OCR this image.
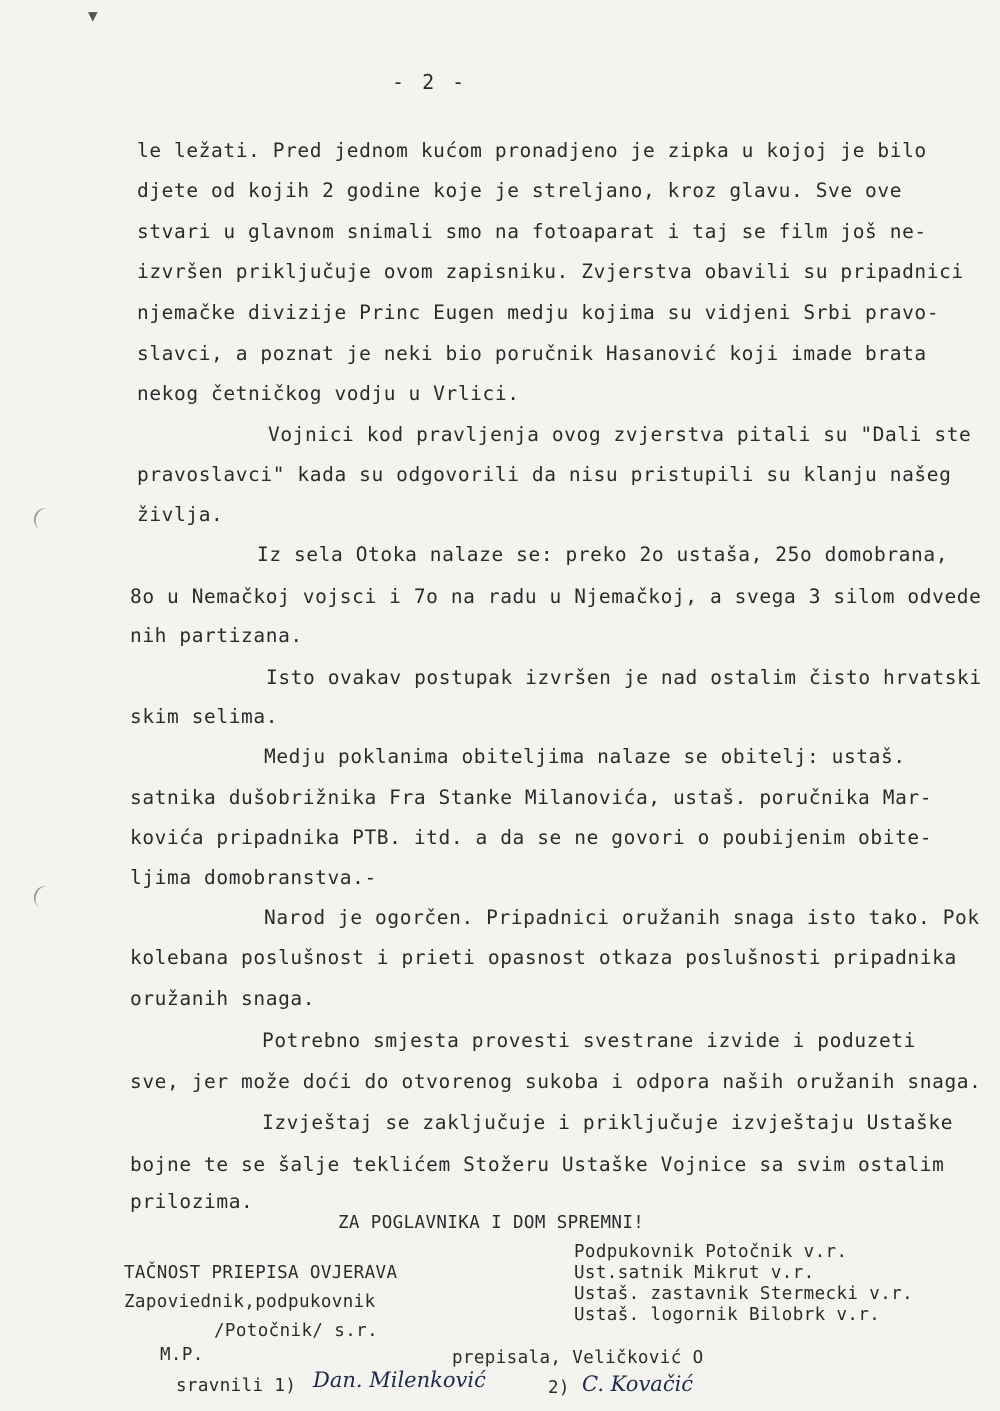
▼
- 2 -
le ležati. Pred jednom kućom pronadjeno je zipka u kojoj je bilo
djete od kojih 2 godine koje je streljano, kroz glavu. Sve ove
stvari u glavnom snimali smo na fotoaparat i taj se film još ne-
izvršen priključuje ovom zapisniku. Zvjerstva obavili su pripadnici
njemačke divizije Princ Eugen medju kojima su vidjeni Srbi pravo-
slavci, a poznat je neki bio poručnik Hasanović koji imade brata
nekog četničkog vodju u Vrlici.
Vojnici kod pravljenja ovog zvjerstva pitali su "Dali ste
pravoslavci" kada su odgovorili da nisu pristupili su klanju našeg
življa.
Iz sela Otoka nalaze se: preko 2o ustaša, 25o domobrana,
8o u Nemačkoj vojsci i 7o na radu u Njemačkoj, a svega 3 silom odvede
nih partizana.
Isto ovakav postupak izvršen je nad ostalim čisto hrvatski
skim selima.
Medju poklanima obiteljima nalaze se obitelj: ustaš.
satnika dušobrižnika Fra Stanke Milanovića, ustaš. poručnika Mar-
kovića pripadnika PTB. itd. a da se ne govori o poubijenim obite-
ljima domobranstva.-
Narod je ogorčen. Pripadnici oružanih snaga isto tako. Pok
kolebana poslušnost i prieti opasnost otkaza poslušnosti pripadnika
oružanih snaga.
Potrebno smjesta provesti svestrane izvide i poduzeti
sve, jer može doći do otvorenog sukoba i odpora naših oružanih snaga.
Izvještaj se zaključuje i priključuje izvještaju Ustaške
bojne te se šalje teklićem Stožeru Ustaške Vojnice sa svim ostalim
prilozima.
ZA POGLAVNIKA I DOM SPREMNI!
Podpukovnik Potočnik v.r.
Ust.satnik Mikrut v.r.
Ustaš. zastavnik Stermecki v.r.
Ustaš. logornik Bilobrk v.r.
TAČNOST PRIEPISA OVJERAVA
Zapoviednik,podpukovnik
/Potočnik/ s.r.
M.P.	prepisala, Veličković O
sravnili 1) Dan. Milenković	2) C. Kovačić
